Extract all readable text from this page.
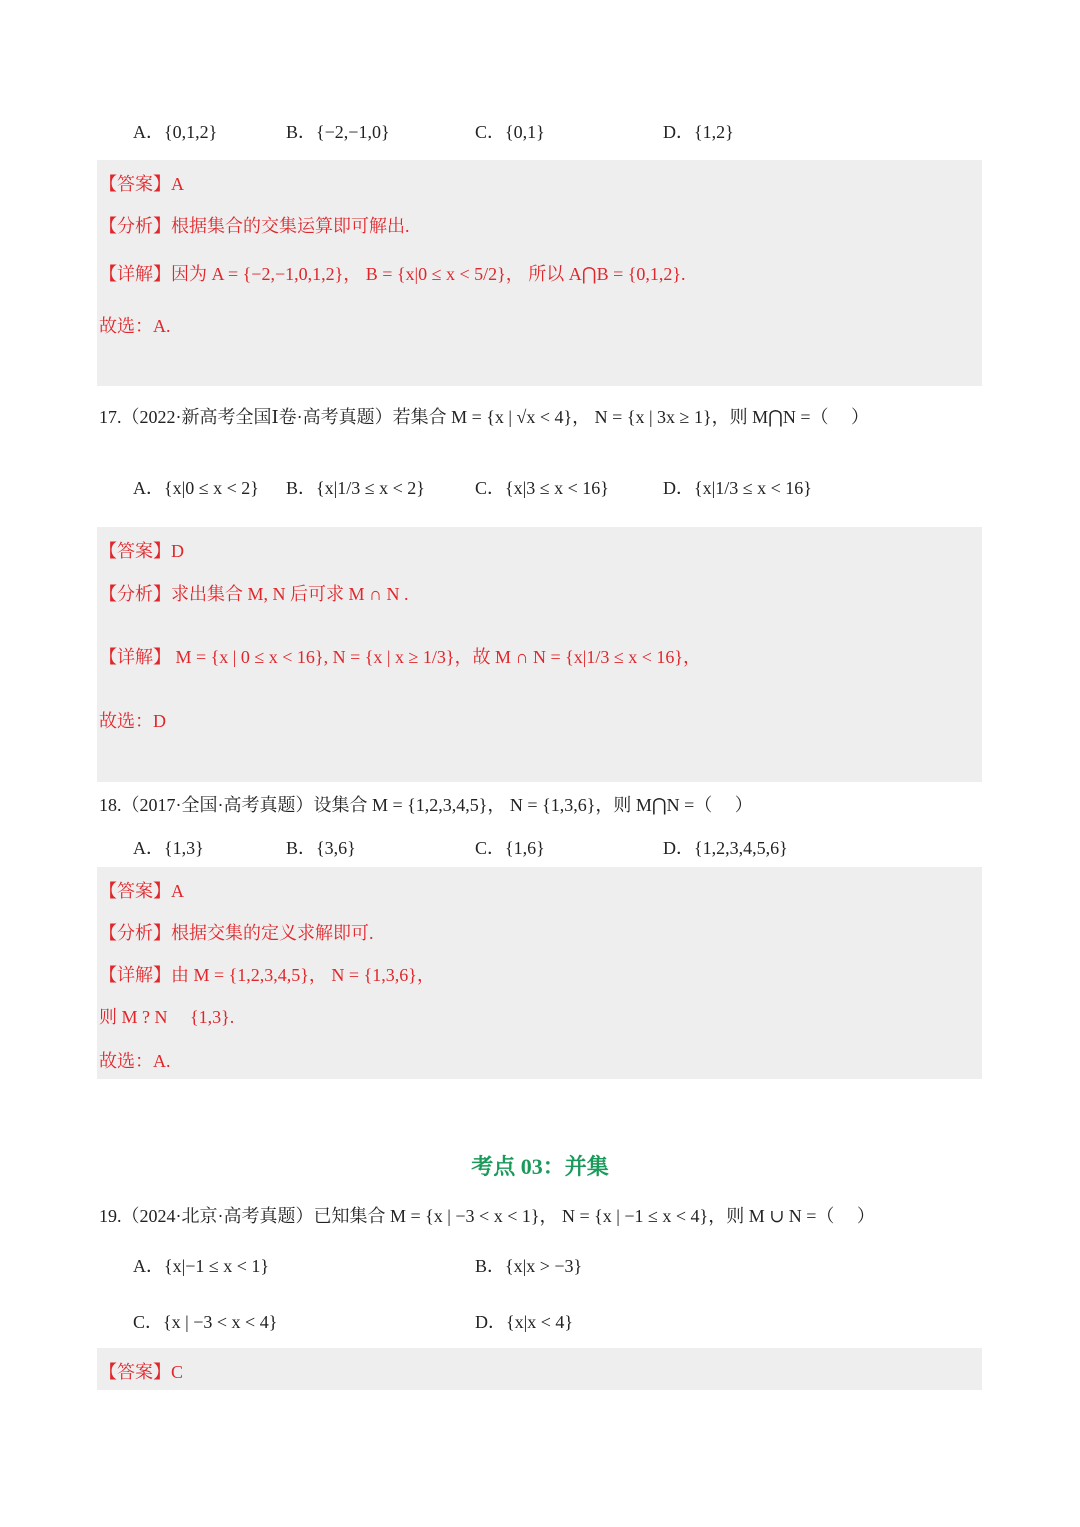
A．{0,1,2}	B．{−2,−1,0}	C．{0,1}	D．{1,2}
【答案】A
【分析】根据集合的交集运算即可解出.
【详解】因为 A = {−2,−1,0,1,2}， B = {x|0 ≤ x < 5/2}， 所以 A⋂B = {0,1,2}.
故选：A.
17.（2022·新高考全国Ⅰ卷·高考真题）若集合 M = {x | √x < 4}， N = {x | 3x ≥ 1}，则 M⋂N =（　 ）
A．{x|0 ≤ x < 2} B．{x|1/3 ≤ x < 2}	C．{x|3 ≤ x < 16}	D．{x|1/3 ≤ x < 16}
【答案】D
【分析】求出集合 M, N 后可求 M ∩ N .
【详解】 M = {x | 0 ≤ x < 16}, N = {x | x ≥ 1/3}，故 M ∩ N = {x|1/3 ≤ x < 16}，
故选：D
18.（2017·全国·高考真题）设集合 M = {1,2,3,4,5}， N = {1,3,6}，则 M⋂N =（　 ）
A．{1,3}	B．{3,6}	C．{1,6}	D．{1,2,3,4,5,6}
【答案】A
【分析】根据交集的定义求解即可.
【详解】由 M = {1,2,3,4,5}， N = {1,3,6}，
则 M ? N 　{1,3}.
故选：A.
考点 03：并集
19.（2024·北京·高考真题）已知集合 M = {x | −3 < x < 1}， N = {x | −1 ≤ x < 4}，则 M ∪ N =（　 ）
A．{x|−1 ≤ x < 1}	B．{x|x > −3}
C．{x | −3 < x < 4}	D．{x|x < 4}
【答案】C
